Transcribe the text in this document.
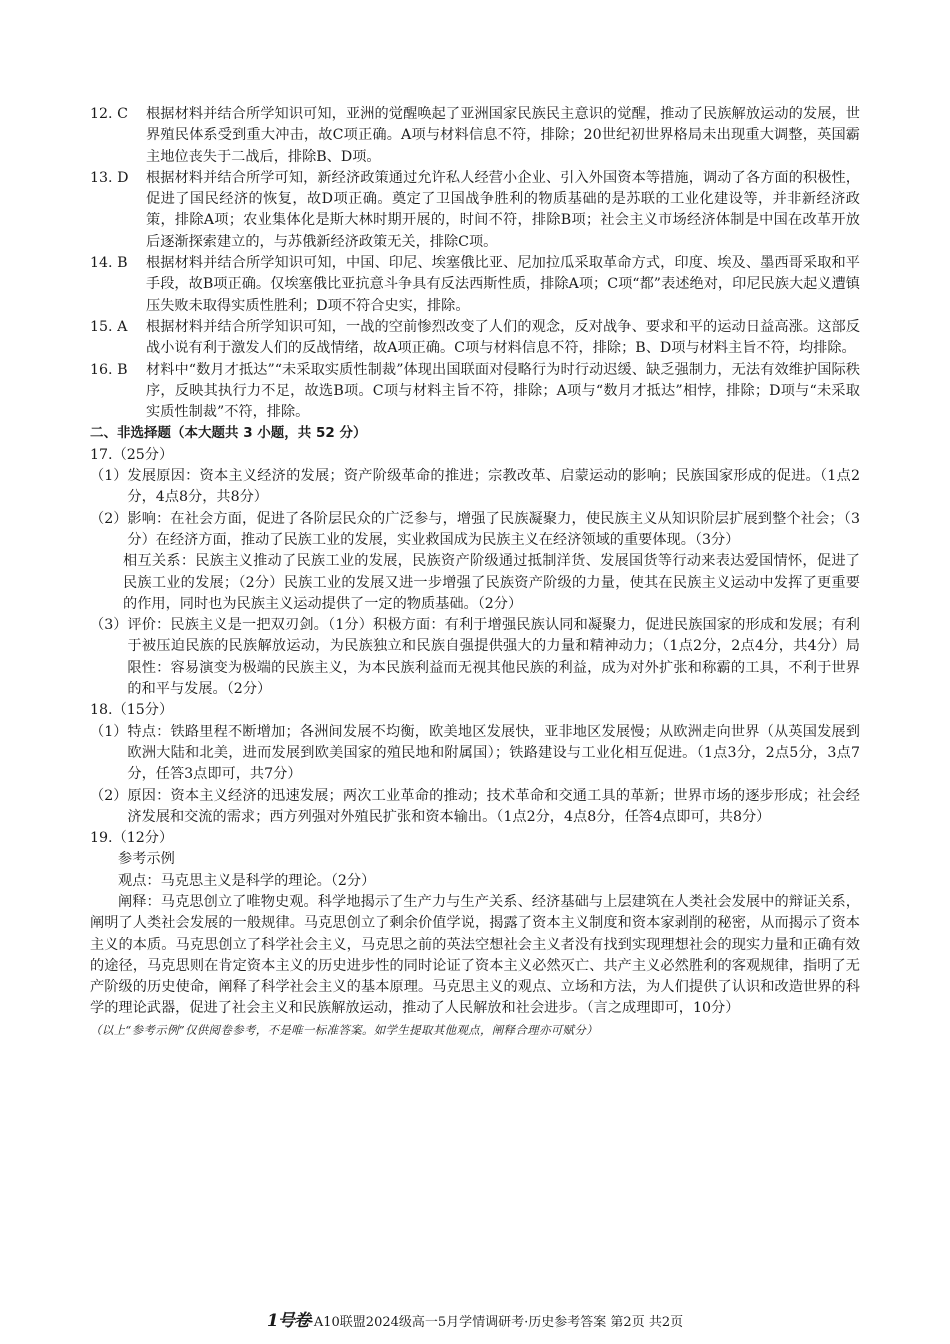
12. C	根据材料并结合所学知识可知，亚洲的觉醒唤起了亚洲国家民族民主意识的觉醒，推动了民族解放运动的发展，世界殖民体系受到重大冲击，故C项正确。A项与材料信息不符，排除；20世纪初世界格局未出现重大调整，英国霸主地位丧失于二战后，排除B、D项。
13. D	根据材料并结合所学可知，新经济政策通过允许私人经营小企业、引入外国资本等措施，调动了各方面的积极性，促进了国民经济的恢复，故D项正确。奠定了卫国战争胜利的物质基础的是苏联的工业化建设等，并非新经济政策，排除A项；农业集体化是斯大林时期开展的，时间不符，排除B项；社会主义市场经济体制是中国在改革开放后逐渐探索建立的，与苏俄新经济政策无关，排除C项。
14. B	根据材料并结合所学知识可知，中国、印尼、埃塞俄比亚、尼加拉瓜采取革命方式，印度、埃及、墨西哥采取和平手段，故B项正确。仅埃塞俄比亚抗意斗争具有反法西斯性质，排除A项；C项“都”表述绝对，印尼民族大起义遭镇压失败未取得实质性胜利；D项不符合史实，排除。
15. A	根据材料并结合所学知识可知，一战的空前惨烈改变了人们的观念，反对战争、要求和平的运动日益高涨。这部反战小说有利于激发人们的反战情绪，故A项正确。C项与材料信息不符，排除；B、D项与材料主旨不符，均排除。
16. B	材料中“数月才抵达”“未采取实质性制裁”体现出国联面对侵略行为时行动迟缓、缺乏强制力，无法有效维护国际秩序，反映其执行力不足，故选B项。C项与材料主旨不符，排除；A项与“数月才抵达”相悖，排除；D项与“未采取实质性制裁”不符，排除。
二、非选择题（本大题共 3 小题，共 52 分）
17.（25分）
（1） 发展原因：资本主义经济的发展；资产阶级革命的推进；宗教改革、启蒙运动的影响；民族国家形成的促进。（1点2分，4点8分，共8分）
（2） 影响：在社会方面，促进了各阶层民众的广泛参与，增强了民族凝聚力，使民族主义从知识阶层扩展到整个社会；（3分）在经济方面，推动了民族工业的发展，实业救国成为民族主义在经济领域的重要体现。（3分）
相互关系：民族主义推动了民族工业的发展，民族资产阶级通过抵制洋货、发展国货等行动来表达爱国情怀，促进了民族工业的发展；（2分）民族工业的发展又进一步增强了民族资产阶级的力量，使其在民族主义运动中发挥了更重要的作用，同时也为民族主义运动提供了一定的物质基础。（2分）
（3） 评价：民族主义是一把双刃剑。（1分）积极方面：有利于增强民族认同和凝聚力，促进民族国家的形成和发展；有利于被压迫民族的民族解放运动，为民族独立和民族自强提供强大的力量和精神动力；（1点2分，2点4分，共4分）局限性：容易演变为极端的民族主义，为本民族利益而无视其他民族的利益，成为对外扩张和称霸的工具，不利于世界的和平与发展。（2分）
18.（15分）
（1） 特点：铁路里程不断增加；各洲间发展不均衡，欧美地区发展快，亚非地区发展慢；从欧洲走向世界（从英国发展到欧洲大陆和北美，进而发展到欧美国家的殖民地和附属国）；铁路建设与工业化相互促进。（1点3分，2点5分，3点7分，任答3点即可，共7分）
（2） 原因：资本主义经济的迅速发展；两次工业革命的推动；技术革命和交通工具的革新；世界市场的逐步形成；社会经济发展和交流的需求；西方列强对外殖民扩张和资本输出。（1点2分，4点8分，任答4点即可，共8分）
19.（12分）
参考示例
观点：马克思主义是科学的理论。（2分）
阐释：马克思创立了唯物史观。科学地揭示了生产力与生产关系、经济基础与上层建筑在人类社会发展中的辩证关系，阐明了人类社会发展的一般规律。马克思创立了剩余价值学说，揭露了资本主义制度和资本家剥削的秘密，从而揭示了资本主义的本质。马克思创立了科学社会主义，马克思之前的英法空想社会主义者没有找到实现理想社会的现实力量和正确有效的途径，马克思则在肯定资本主义的历史进步性的同时论证了资本主义必然灭亡、共产主义必然胜利的客观规律，指明了无产阶级的历史使命，阐释了科学社会主义的基本原理。马克思主义的观点、立场和方法，为人们提供了认识和改造世界的科学的理论武器，促进了社会主义和民族解放运动，推动了人民解放和社会进步。（言之成理即可，10分）
（以上“参考示例”仅供阅卷参考，不是唯一标准答案。如学生提取其他观点，阐释合理亦可赋分）
1号卷·A10联盟2024级高一5月学情调研考·历史参考答案 第2页 共2页
